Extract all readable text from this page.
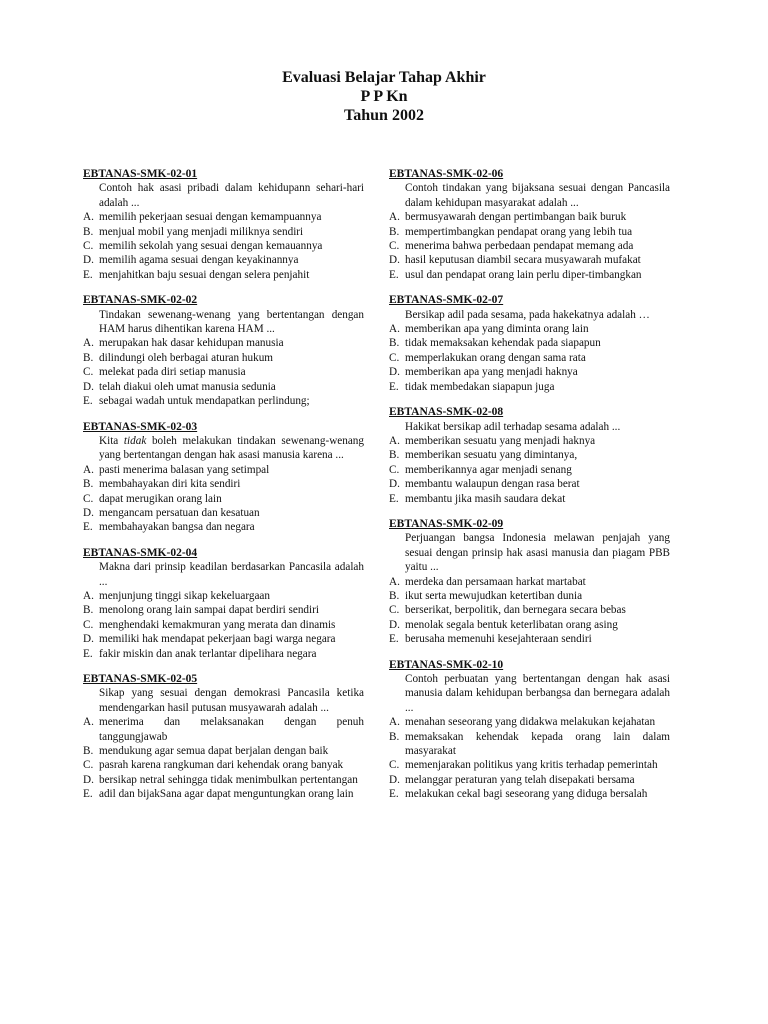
Evaluasi Belajar Tahap Akhir
P P Kn
Tahun 2002
EBTANAS-SMK-02-01
Contoh hak asasi pribadi dalam kehidupann sehari-hari adalah ...
A. memilih pekerjaan sesuai dengan kemampuannya
B. menjual mobil yang menjadi miliknya sendiri
C. memilih sekolah yang sesuai dengan kemauannya
D. memilih agama sesuai dengan keyakinannya
E. menjahitkan baju sesuai dengan selera penjahit
EBTANAS-SMK-02-02
Tindakan sewenang-wenang yang bertentangan dengan HAM harus dihentikan karena HAM ...
A. merupakan hak dasar kehidupan manusia
B. dilindungi oleh berbagai aturan hukum
C. melekat pada diri setiap manusia
D. telah diakui oleh umat manusia sedunia
E. sebagai wadah untuk mendapatkan perlindung;
EBTANAS-SMK-02-03
Kita tidak boleh melakukan tindakan sewenang-wenang yang bertentangan dengan hak asasi manusia karena ...
A. pasti menerima balasan yang setimpal
B. membahayakan diri kita sendiri
C. dapat merugikan orang lain
D. mengancam persatuan dan kesatuan
E. membahayakan bangsa dan negara
EBTANAS-SMK-02-04
Makna dari prinsip keadilan berdasarkan Pancasila adalah ...
A. menjunjung tinggi sikap kekeluargaan
B. menolong orang lain sampai dapat berdiri sendiri
C. menghendaki kemakmuran yang merata dan dinamis
D. memiliki hak mendapat pekerjaan bagi warga negara
E. fakir miskin dan anak terlantar dipelihara negara
EBTANAS-SMK-02-05
Sikap yang sesuai dengan demokrasi Pancasila ketika mendengarkan hasil putusan musyawarah adalah ...
A. menerima dan melaksanakan dengan penuh tanggungjawab
B. mendukung agar semua dapat berjalan dengan baik
C. pasrah karena rangkuman dari kehendak orang banyak
D. bersikap netral sehingga tidak menimbulkan pertentangan
E. adil dan bijakSana agar dapat menguntungkan orang lain
EBTANAS-SMK-02-06
Contoh tindakan yang bijaksana sesuai dengan Pancasila dalam kehidupan masyarakat adalah ...
A. bermusyawarah dengan pertimbangan baik buruk
B. mempertimbangkan pendapat orang yang lebih tua
C. menerima bahwa perbedaan pendapat memang ada
D. hasil keputusan diambil secara musyawarah mufakat
E. usul dan pendapat orang lain perlu diper-timbangkan
EBTANAS-SMK-02-07
Bersikap adil pada sesama, pada hakekatnya adalah …
A. memberikan apa yang diminta orang lain
B. tidak memaksakan kehendak pada siapapun
C. memperlakukan orang dengan sama rata
D. memberikan apa yang menjadi haknya
E. tidak membedakan siapapun juga
EBTANAS-SMK-02-08
Hakikat bersikap adil terhadap sesama adalah ...
A. memberikan sesuatu yang menjadi haknya
B. memberikan sesuatu yang dimintanya,
C. memberikannya agar menjadi senang
D. membantu walaupun dengan rasa berat
E. membantu jika masih saudara dekat
EBTANAS-SMK-02-09
Perjuangan bangsa Indonesia melawan penjajah yang sesuai dengan prinsip hak asasi manusia dan piagam PBB yaitu ...
A. merdeka dan persamaan harkat martabat
B. ikut serta mewujudkan ketertiban dunia
C. berserikat, berpolitik, dan bernegara secara bebas
D. menolak segala bentuk keterlibatan orang asing
E. berusaha memenuhi kesejahteraan sendiri
EBTANAS-SMK-02-10
Contoh perbuatan yang bertentangan dengan hak asasi manusia dalam kehidupan berbangsa dan bernegara adalah ...
A. menahan seseorang yang didakwa melakukan kejahatan
B. memaksakan kehendak kepada orang lain dalam masyarakat
C. memenjarakan politikus yang kritis terhadap pemerintah
D. melanggar peraturan yang telah disepakati bersama
E. melakukan cekal bagi seseorang yang diduga bersalah
